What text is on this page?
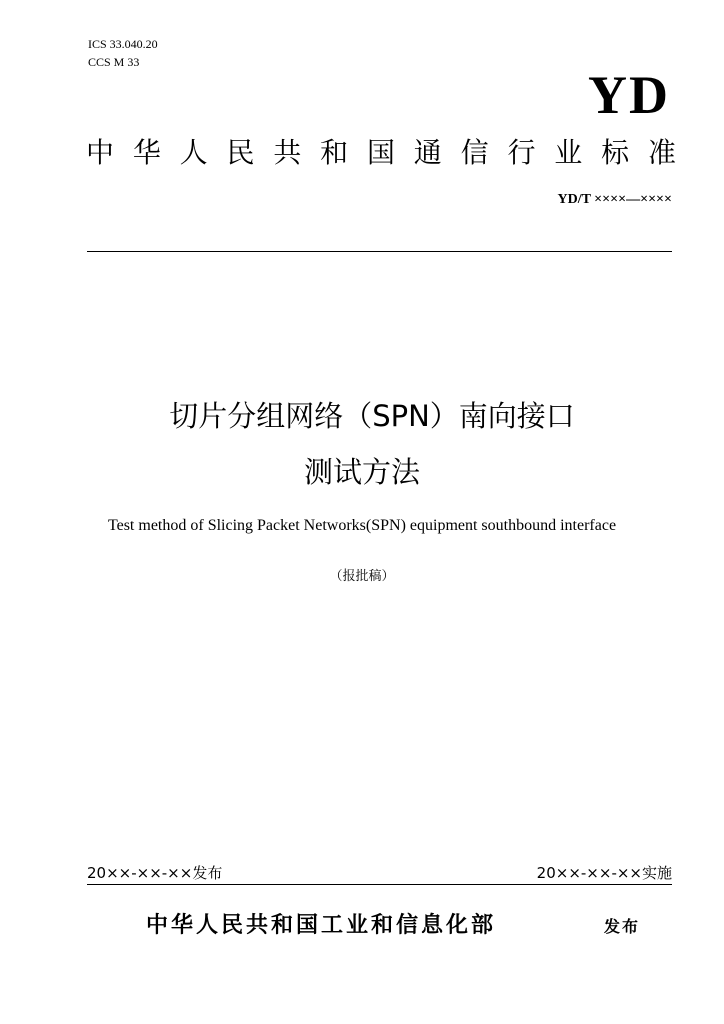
ICS 33.040.20
CCS M 33
YD
中 华 人 民 共 和 国 通 信 行 业 标 准
YD/T ××××—××××
切片分组网络（SPN）南向接口
测试方法
Test method of Slicing Packet Networks(SPN) equipment southbound interface
（报批稿）
20××-××-××发布	20××-××-××实施
中华人民共和国工业和信息化部	发布
